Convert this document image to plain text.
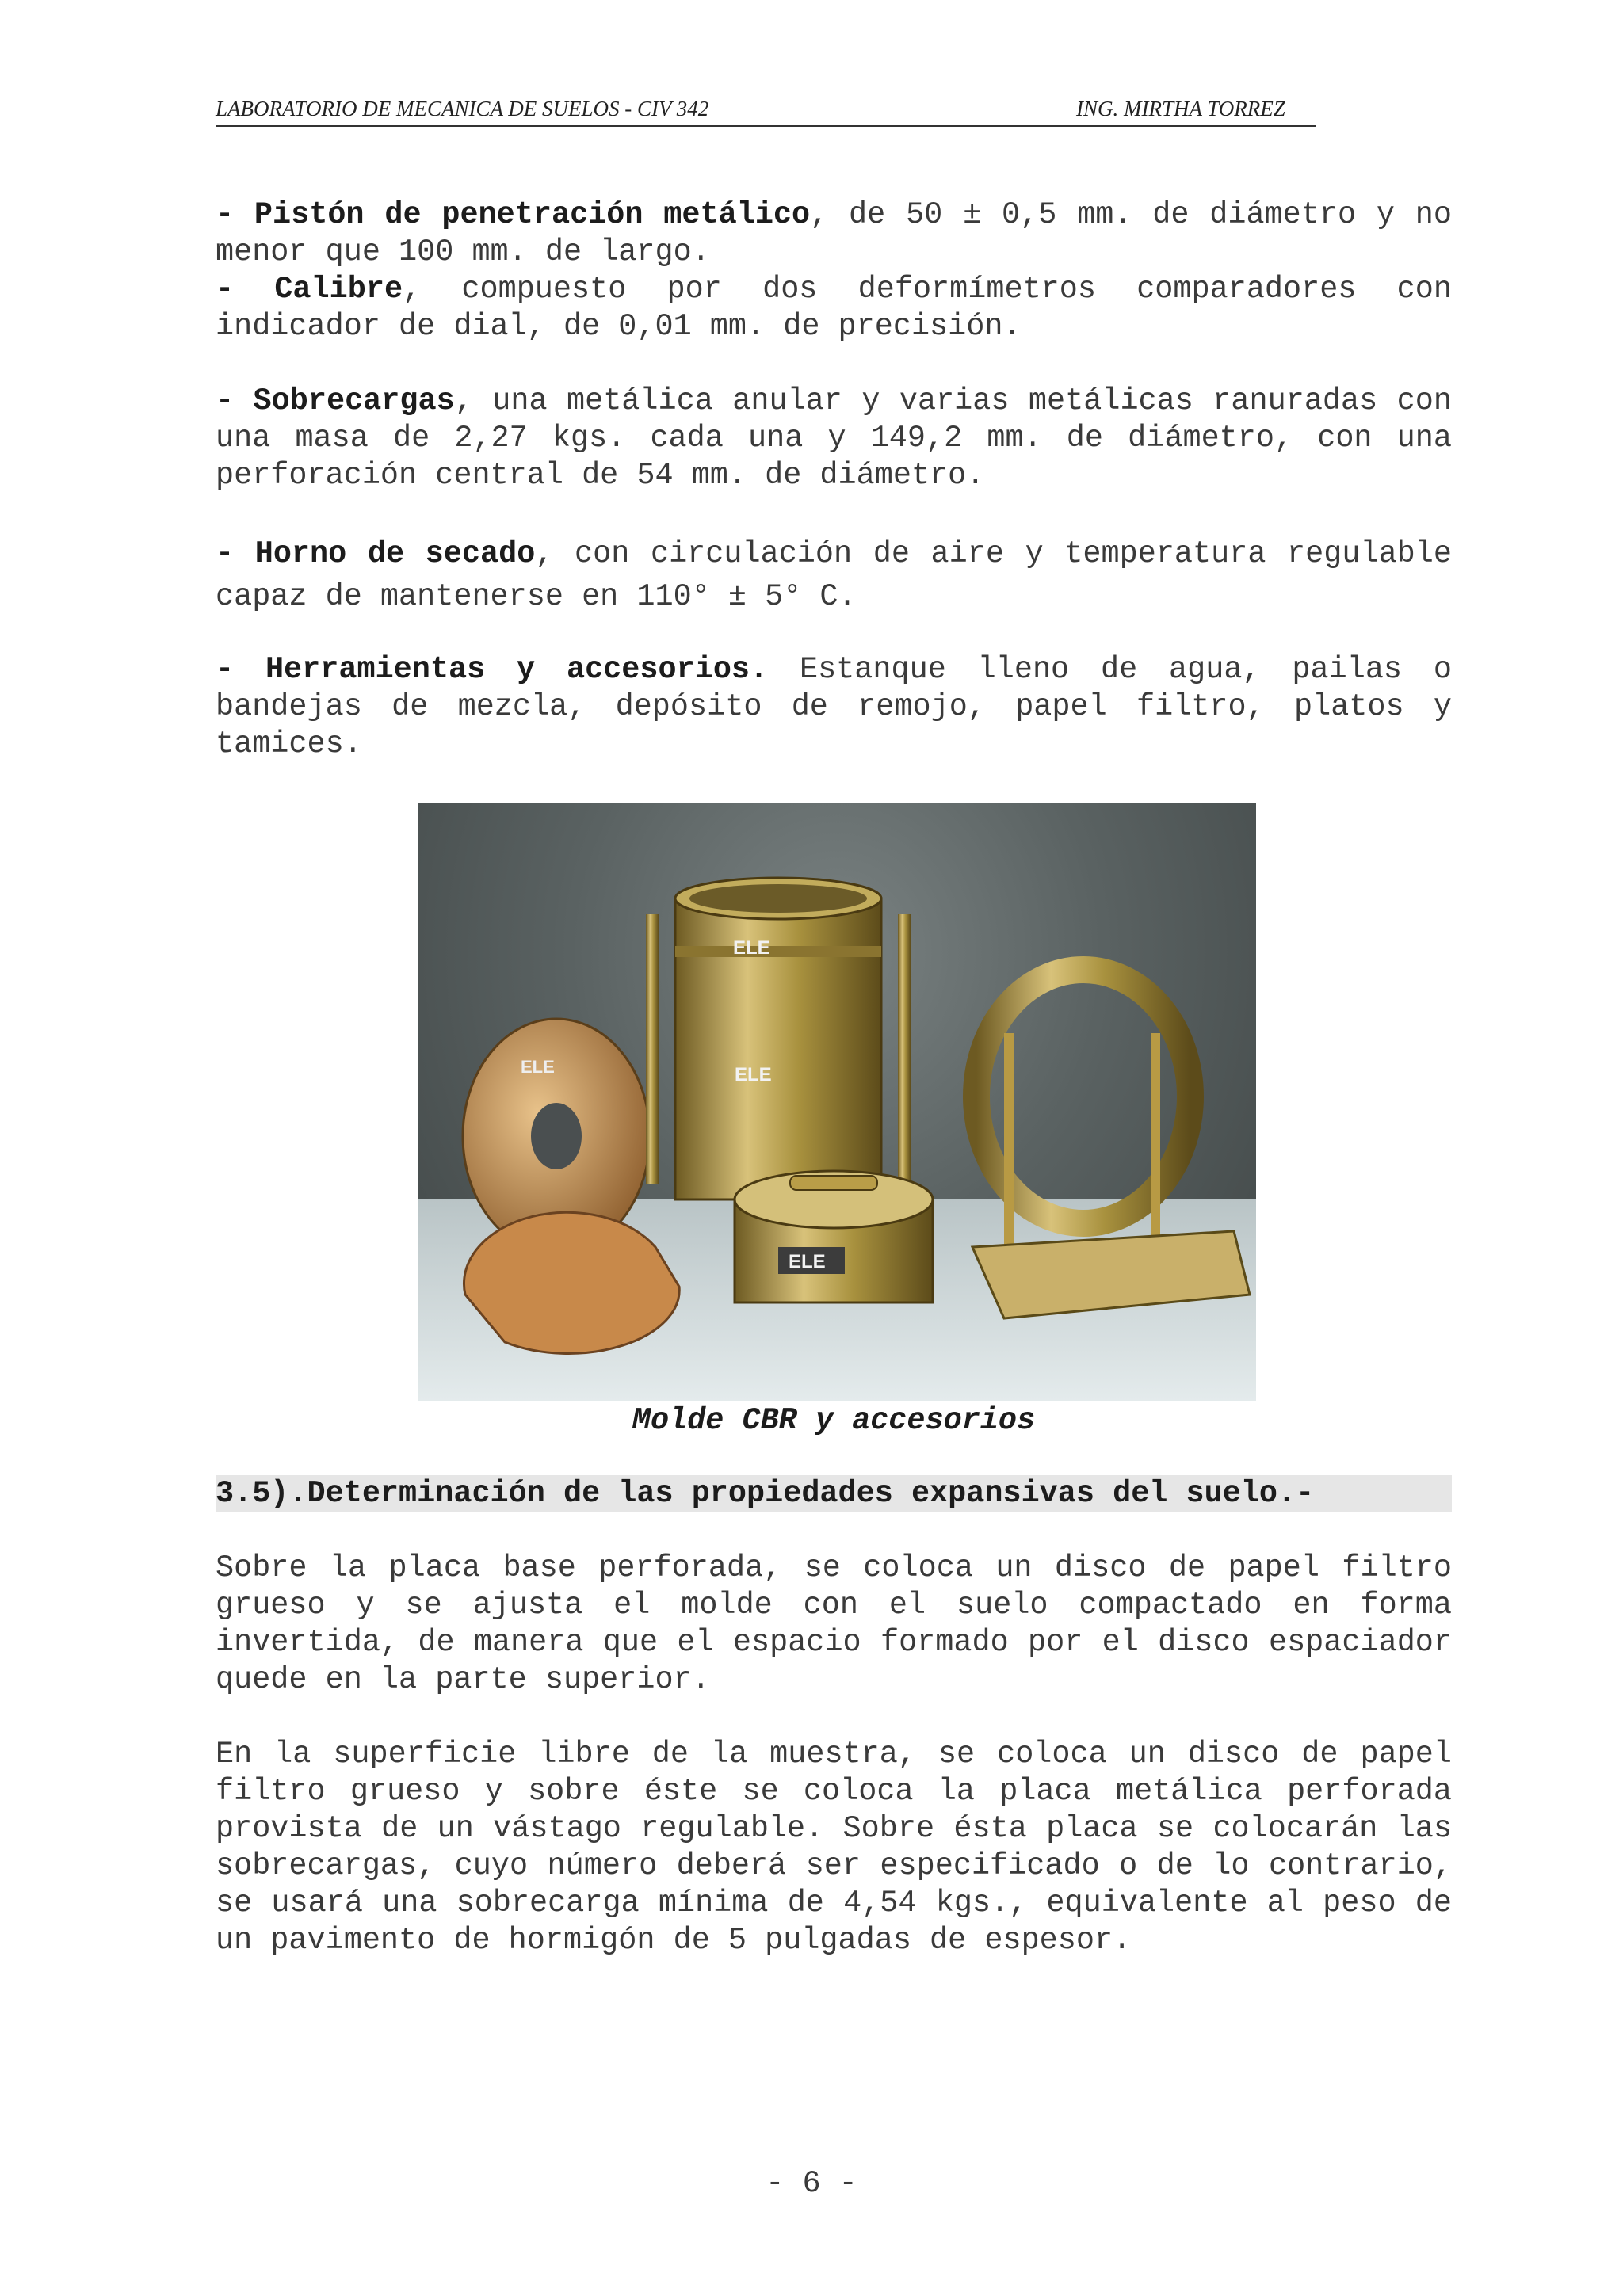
LABORATORIO DE MECANICA DE SUELOS - CIV 342	ING. MIRTHA TORREZ

- Pistón de penetración metálico, de 50 ± 0,5 mm. de diámetro y no menor que 100 mm. de largo.

- Calibre, compuesto por dos deformímetros comparadores con indicador de dial, de 0,01 mm. de precisión.

- Sobrecargas, una metálica anular y varias metálicas ranuradas con una masa de 2,27 kgs. cada una y 149,2 mm. de diámetro, con una perforación central de 54 mm. de diámetro.

- Horno de secado, con circulación de aire y temperatura regulable capaz de mantenerse en 110° ± 5° C.

- Herramientas y accesorios. Estanque lleno de agua, pailas o bandejas de mezcla, depósito de remojo, papel filtro, platos y tamices.

ELE
ELE
ELE
ELE
Molde CBR y accesorios
3.5).Determinación de las propiedades expansivas del suelo.-

Sobre la placa base perforada, se coloca un disco de papel filtro grueso y se ajusta el molde con el suelo compactado en forma invertida, de manera que el espacio formado por el disco espaciador quede en la parte superior.

En la superficie libre de la muestra, se coloca un disco de papel filtro grueso y sobre éste se coloca la placa metálica perforada provista de un vástago regulable. Sobre ésta placa se colocarán las sobrecargas, cuyo número deberá ser especificado o de lo contrario, se usará una sobrecarga mínima de 4,54 kgs., equivalente al peso de un pavimento de hormigón de 5 pulgadas de espesor.

- 6 -
